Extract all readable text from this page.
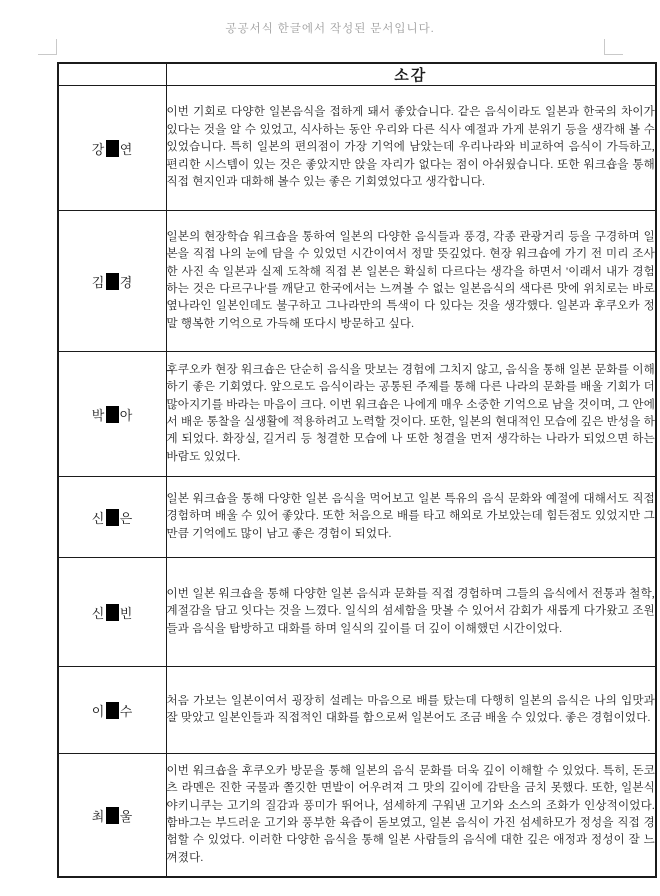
공공서식 한글에서 작성된 문서입니다.
	소감
강 연	이번 기회로 다양한 일본음식을 접하게 돼서 좋았습니다. 같은 음식이라도 일본과 한국의 차이가 있다는 것을 알 수 있었고, 식사하는 동안 우리와 다른 식사 예절과 가게 분위기 등을 생각해 볼 수 있었습니다. 특히 일본의 편의점이 가장 기억에 남았는데 우리나라와 비교하여 음식이 가득하고, 편리한 시스템이 있는 것은 좋았지만 앉을 자리가 없다는 점이 아쉬웠습니다. 또한 워크숍을 통해 직접 현지인과 대화해 볼수 있는 좋은 기회였었다고 생각합니다.
김 경	일본의 현장학습 워크숍을 통하여 일본의 다양한 음식들과 풍경, 각종 관광거리 등을 구경하며 일본을 직접 나의 눈에 담을 수 있었던 시간이여서 정말 뜻깊었다. 현장 워크숍에 가기 전 미리 조사한 사진 속 일본과 실제 도착해 직접 본 일본은 확실히 다르다는 생각을 하면서 '이래서 내가 경험하는 것은 다르구나'를 깨닫고 한국에서는 느껴볼 수 없는 일본음식의 색다른 맛에 위치로는 바로 옆나라인 일본인데도 불구하고 그나라만의 특색이 다 있다는 것을 생각했다. 일본과 후쿠오카 정말 행복한 기억으로 가득해 또다시 방문하고 싶다.
박 아	후쿠오카 현장 워크숍은 단순히 음식을 맛보는 경험에 그치지 않고, 음식을 통해 일본 문화를 이해하기 좋은 기회였다. 앞으로도 음식이라는 공통된 주제를 통해 다른 나라의 문화를 배울 기회가 더 많아지기를 바라는 마음이 크다. 이번 워크숍은 나에게 매우 소중한 기억으로 남을 것이며, 그 안에서 배운 통찰을 실생활에 적용하려고 노력할 것이다. 또한, 일본의 현대적인 모습에 깊은 반성을 하게 되었다. 화장실, 길거리 등 청결한 모습에 나 또한 청결을 먼저 생각하는 나라가 되었으면 하는 바람도 있었다.
신 은	일본 워크숍을 통해 다양한 일본 음식을 먹어보고 일본 특유의 음식 문화와 예절에 대해서도 직접 경험하며 배울 수 있어 좋았다. 또한 처음으로 배를 타고 해외로 가보았는데 힘든점도 있었지만 그만큼 기억에도 많이 남고 좋은 경험이 되었다.
신 빈	이번 일본 워크숍을 통해 다양한 일본 음식과 문화를 직접 경험하며 그들의 음식에서 전통과 철학, 계절감을 담고 잇다는 것을 느꼈다. 일식의 섬세함을 맛볼 수 있어서 감회가 새롭게 다가왔고 조원들과 음식을 탐방하고 대화를 하며 일식의 깊이를 더 깊이 이해했던 시간이었다.
이 수	처음 가보는 일본이여서 굉장히 설레는 마음으로 배를 탔는데 다행히 일본의 음식은 나의 입맛과 잘 맞았고 일본인들과 직접적인 대화를 함으로써 일본어도 조금 배울 수 있었다. 좋은 경험이었다.
최 울	이번 워크숍을 후쿠오카 방문을 통해 일본의 음식 문화를 더욱 깊이 이해할 수 있었다. 특히, 돈코츠 라멘은 진한 국물과 쫄깃한 면발이 어우려져 그 맛의 깊이에 감탄을 금치 못했다. 또한, 일본식 야키니쿠는 고기의 질감과 풍미가 뛰어나, 섬세하게 구워낸 고기와 소스의 조화가 인상적이었다. 함바그는 부드러운 고기와 풍부한 육즙이 돋보였고, 일본 음식이 가진 섬세하모가 정성을 직접 경험할 수 있었다. 이러한 다양한 음식을 통해 일본 사람들의 음식에 대한 깊은 애정과 정성이 잘 느껴졌다.
